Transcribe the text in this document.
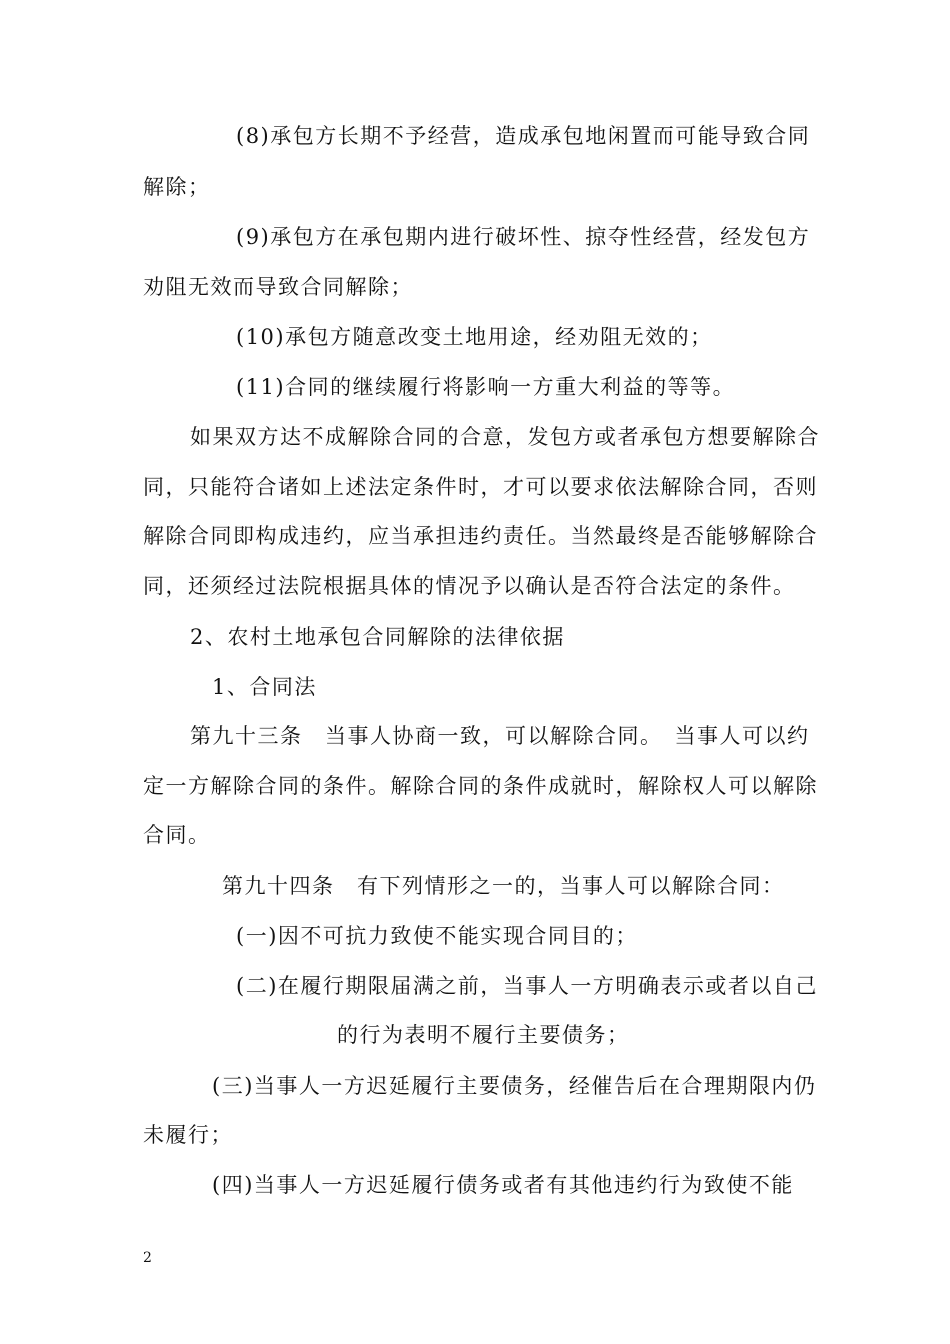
(8)承包方长期不予经营，造成承包地闲置而可能导致合同
解除；
(9)承包方在承包期内进行破坏性、掠夺性经营，经发包方
劝阻无效而导致合同解除；
(10)承包方随意改变土地用途，经劝阻无效的；
(11)合同的继续履行将影响一方重大利益的等等。
如果双方达不成解除合同的合意，发包方或者承包方想要解除合
同，只能符合诸如上述法定条件时，才可以要求依法解除合同，否则
解除合同即构成违约，应当承担违约责任。当然最终是否能够解除合
同，还须经过法院根据具体的情况予以确认是否符合法定的条件。
2、农村土地承包合同解除的法律依据
1、合同法
第九十三条　当事人协商一致，可以解除合同。　当事人可以约
定一方解除合同的条件。解除合同的条件成就时，解除权人可以解除
合同。
第九十四条　有下列情形之一的，当事人可以解除合同：
(一)因不可抗力致使不能实现合同目的；
(二)在履行期限届满之前，当事人一方明确表示或者以自己
的行为表明不履行主要债务；
(三)当事人一方迟延履行主要债务，经催告后在合理期限内仍
未履行；
(四)当事人一方迟延履行债务或者有其他违约行为致使不能
2
